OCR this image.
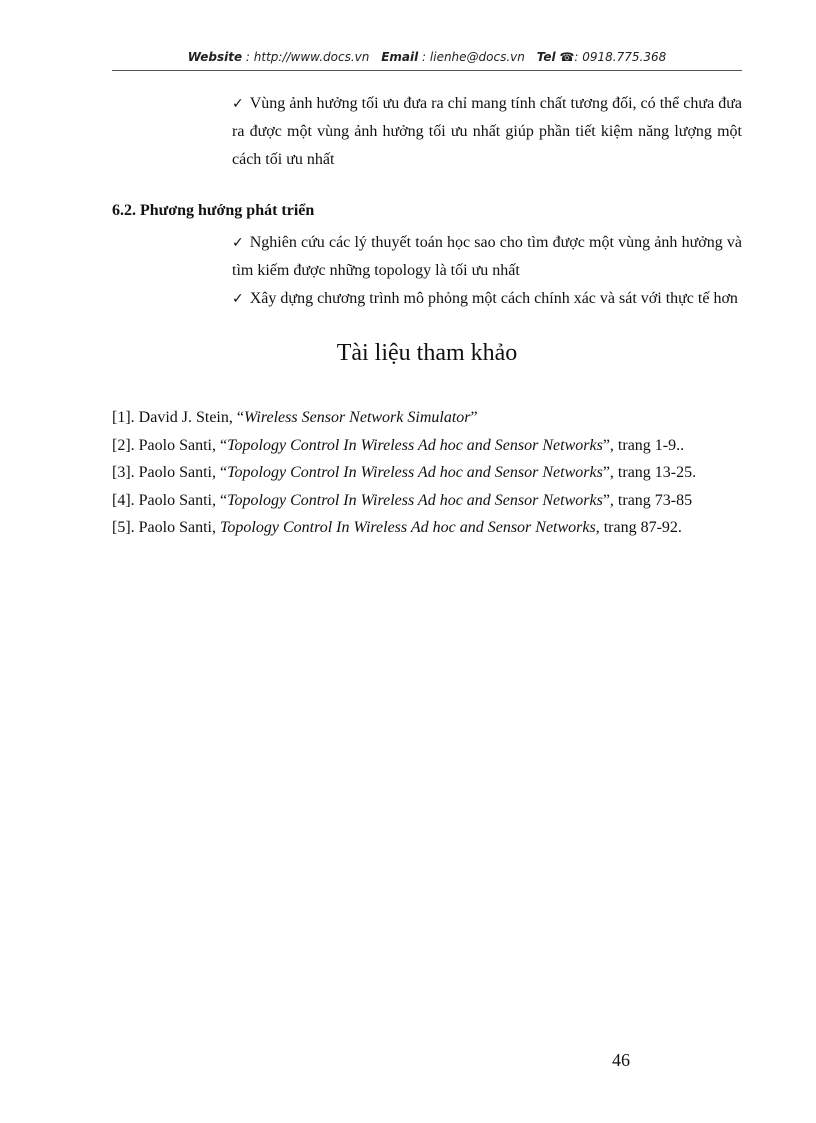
Website : http://www.docs.vn Email : lienhe@docs.vn Tel ☎: 0918.775.368
✓ Vùng ảnh hưởng tối ưu đưa ra chỉ mang tính chất tương đối, có thể chưa đưa ra được một vùng ảnh hưởng tối ưu nhất giúp phần tiết kiệm năng lượng một cách tối ưu nhất
6.2. Phương hướng phát triển
✓ Nghiên cứu các lý thuyết toán học sao cho tìm được một vùng ảnh hưởng và tìm kiếm được những topology là tối ưu nhất
✓ Xây dựng chương trình mô phỏng một cách chính xác và sát với thực tế hơn
Tài liệu tham khảo
[1]. David J. Stein, “Wireless Sensor Network Simulator”
[2]. Paolo Santi, “Topology Control In Wireless Ad hoc and Sensor Networks”, trang 1-9..
[3]. Paolo Santi, “Topology Control In Wireless Ad hoc and Sensor Networks”, trang 13-25.
[4]. Paolo Santi, “Topology Control In Wireless Ad hoc and Sensor Networks”, trang 73-85
[5]. Paolo Santi, Topology Control In Wireless Ad hoc and Sensor Networks, trang 87-92.
46
